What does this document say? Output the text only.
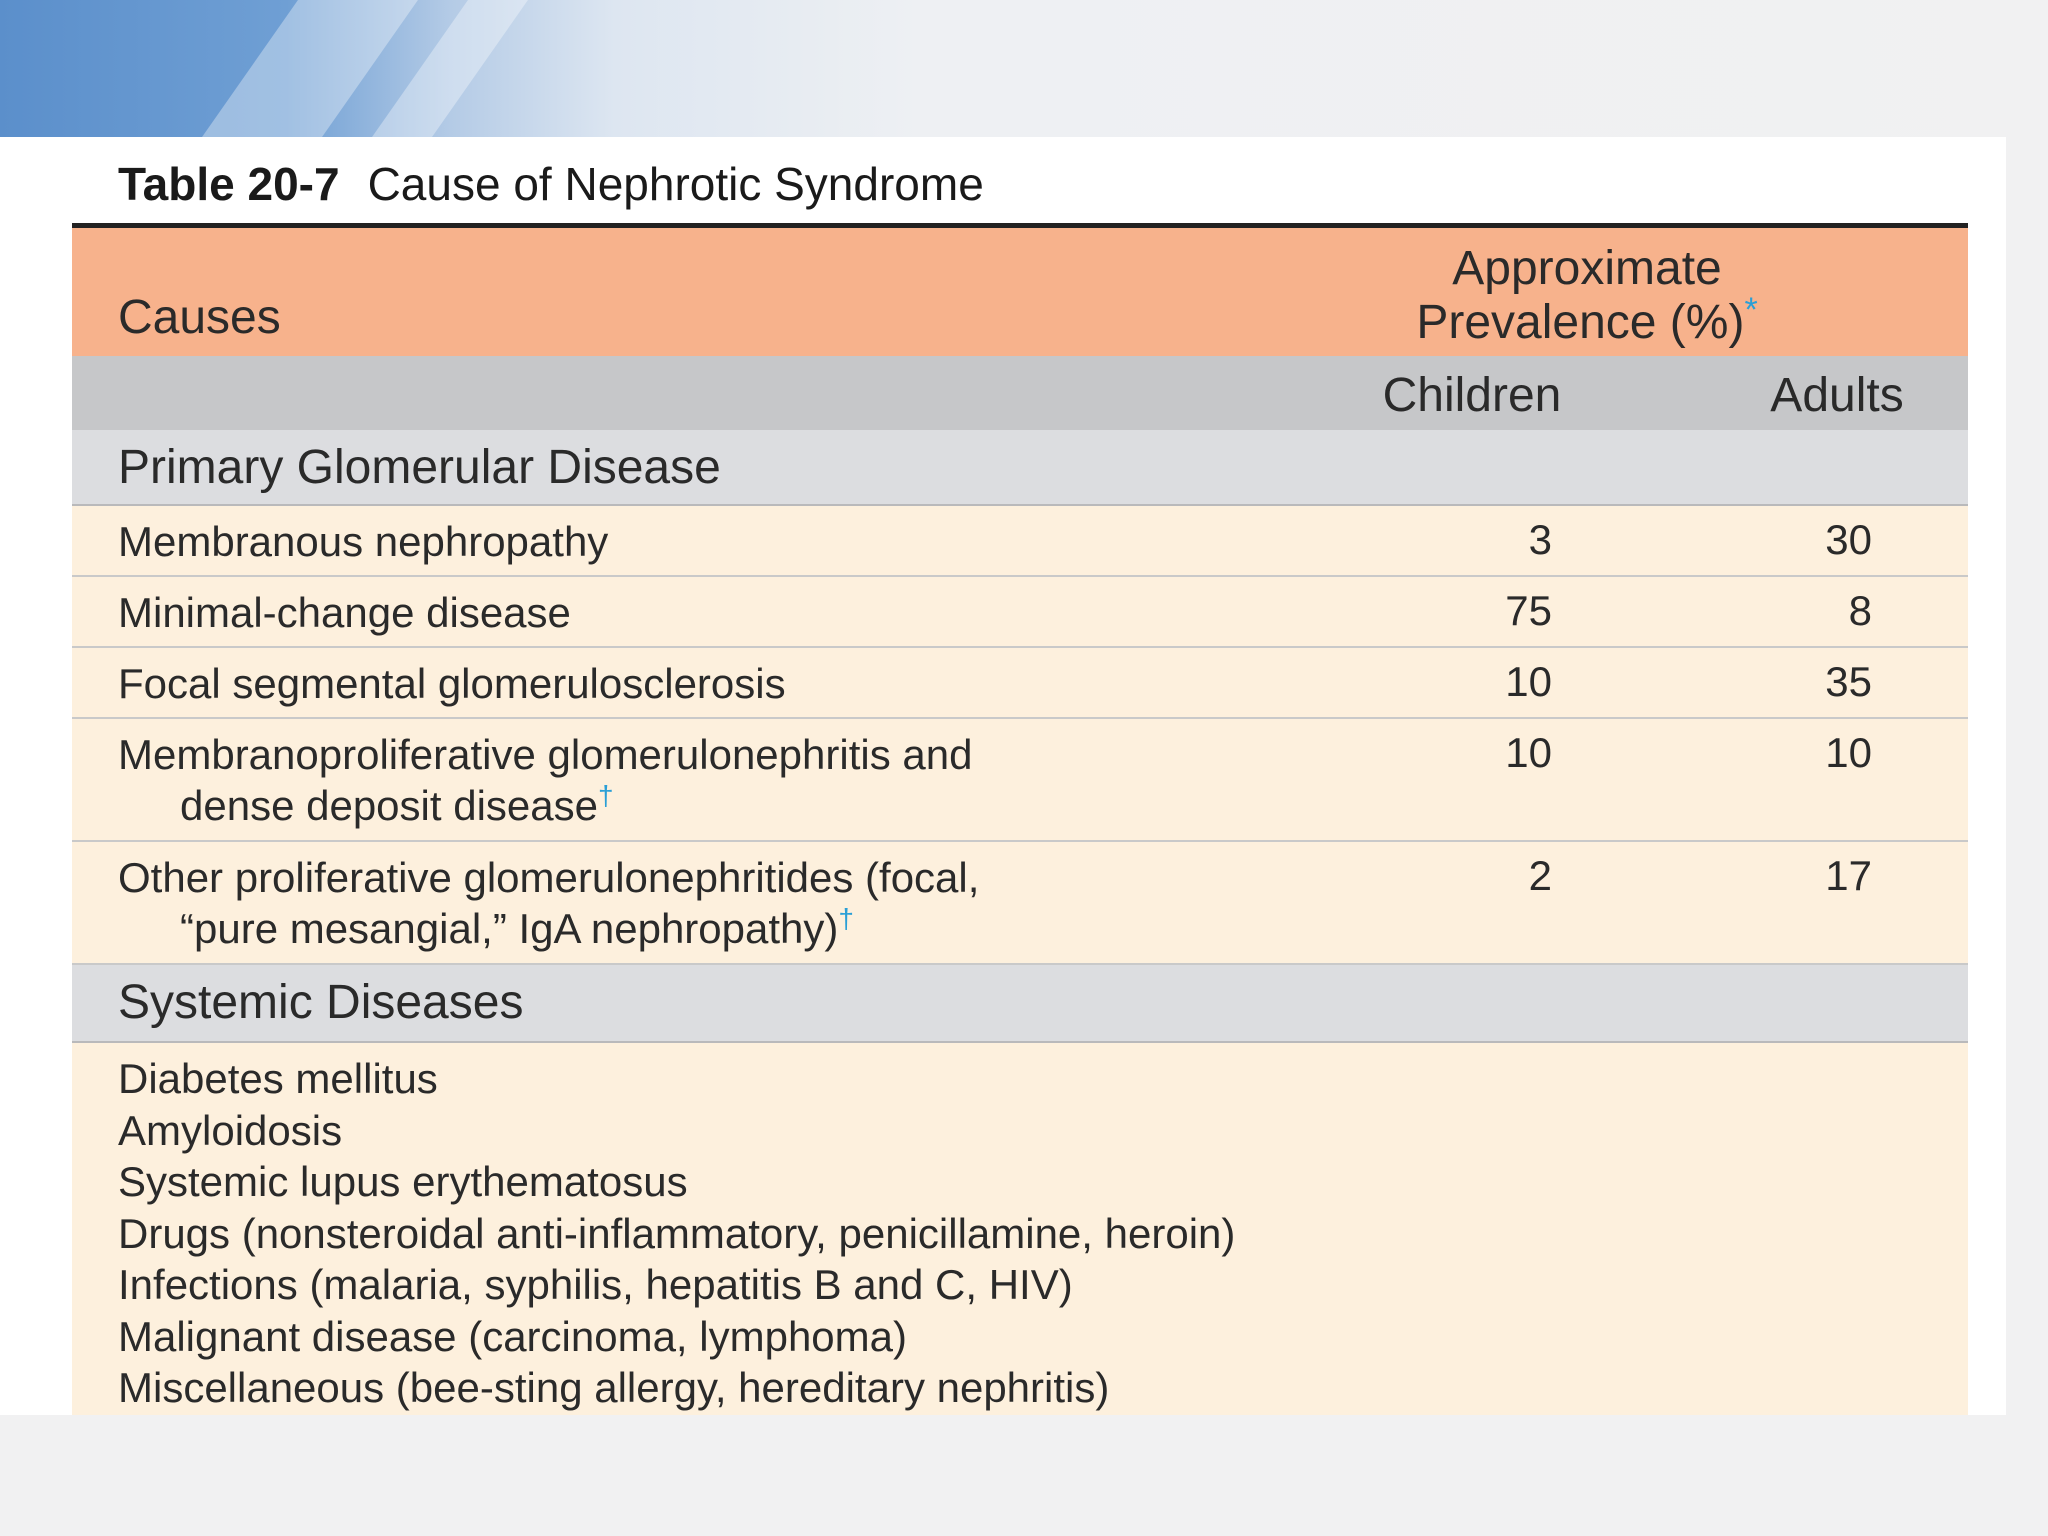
Table 20-7 Cause of Nephrotic Syndrome
Causes
Approximate
Prevalence (%)*
Children	Adults
Primary Glomerular Disease
Membranous nephropathy	3	30
Minimal-change disease	75	8
Focal segmental glomerulosclerosis	10	35
Membranoproliferative glomerulonephritis and
dense deposit disease†
10	10
Other proliferative glomerulonephritides (focal,
“pure mesangial,” IgA nephropathy)†
2	17
Systemic Diseases
Diabetes mellitus
Amyloidosis
Systemic lupus erythematosus
Drugs (nonsteroidal anti-inflammatory, penicillamine, heroin)
Infections (malaria, syphilis, hepatitis B and C, HIV)
Malignant disease (carcinoma, lymphoma)
Miscellaneous (bee-sting allergy, hereditary nephritis)
